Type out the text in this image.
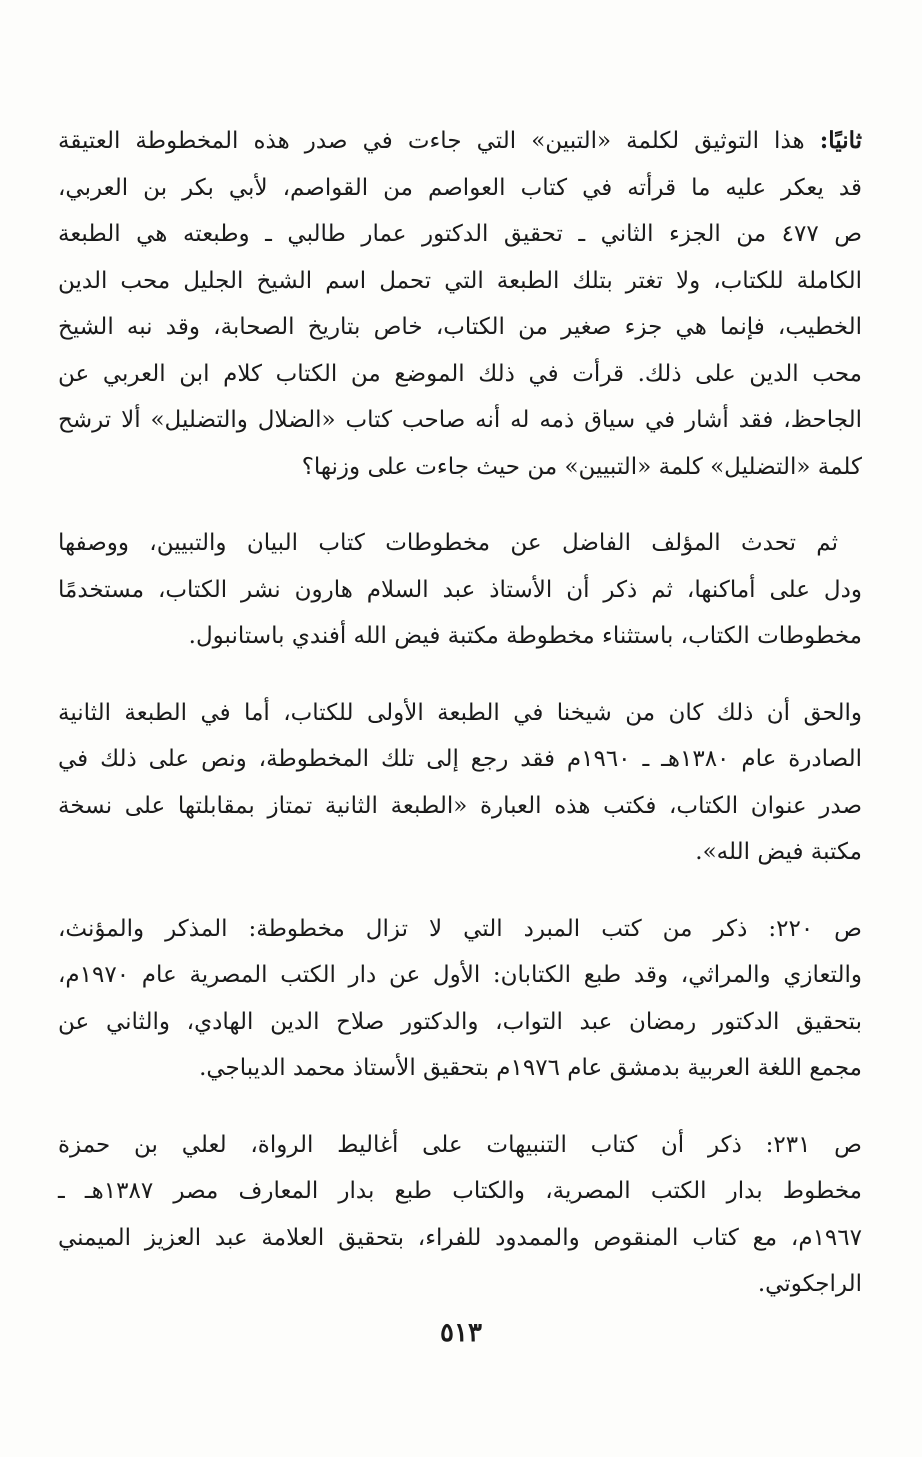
ثانيًا: هذا التوثيق لكلمة «التبين» التي جاءت في صدر هذه المخطوطة العتيقة
قد يعكر عليه ما قرأته في كتاب العواصم من القواصم، لأبي بكر بن العربي،
ص ٤٧٧ من الجزء الثاني ـ تحقيق الدكتور عمار طالبي ـ وطبعته هي الطبعة
الكاملة للكتاب، ولا تغتر بتلك الطبعة التي تحمل اسم الشيخ الجليل محب الدين
الخطيب، فإنما هي جزء صغير من الكتاب، خاص بتاريخ الصحابة، وقد نبه الشيخ
محب الدين على ذلك. قرأت في ذلك الموضع من الكتاب كلام ابن العربي عن
الجاحظ، فقد أشار في سياق ذمه له أنه صاحب كتاب «الضلال والتضليل» ألا ترشح
كلمة «التضليل» كلمة «التبيين» من حيث جاءت على وزنها؟
ثم تحدث المؤلف الفاضل عن مخطوطات كتاب البيان والتبيين، ووصفها
ودل على أماكنها، ثم ذكر أن الأستاذ عبد السلام هارون نشر الكتاب، مستخدمًا
مخطوطات الكتاب، باستثناء مخطوطة مكتبة فيض الله أفندي باستانبول.
والحق أن ذلك كان من شيخنا في الطبعة الأولى للكتاب، أما في الطبعة الثانية
الصادرة عام ١٣٨٠هـ ـ ١٩٦٠م فقد رجع إلى تلك المخطوطة، ونص على ذلك في
صدر عنوان الكتاب، فكتب هذه العبارة «الطبعة الثانية تمتاز بمقابلتها على نسخة
مكتبة فيض الله».
ص ٢٢٠: ذكر من كتب المبرد التي لا تزال مخطوطة: المذكر والمؤنث،
والتعازي والمراثي، وقد طبع الكتابان: الأول عن دار الكتب المصرية عام ١٩٧٠م،
بتحقيق الدكتور رمضان عبد التواب، والدكتور صلاح الدين الهادي، والثاني عن
مجمع اللغة العربية بدمشق عام ١٩٧٦م بتحقيق الأستاذ محمد الديباجي.
ص ٢٣١: ذكر أن كتاب التنبيهات على أغاليط الرواة، لعلي بن حمزة
مخطوط بدار الكتب المصرية، والكتاب طبع بدار المعارف مصر ١٣٨٧هـ ـ
١٩٦٧م، مع كتاب المنقوص والممدود للفراء، بتحقيق العلامة عبد العزيز الميمني
الراجكوتي.
٥١٣
